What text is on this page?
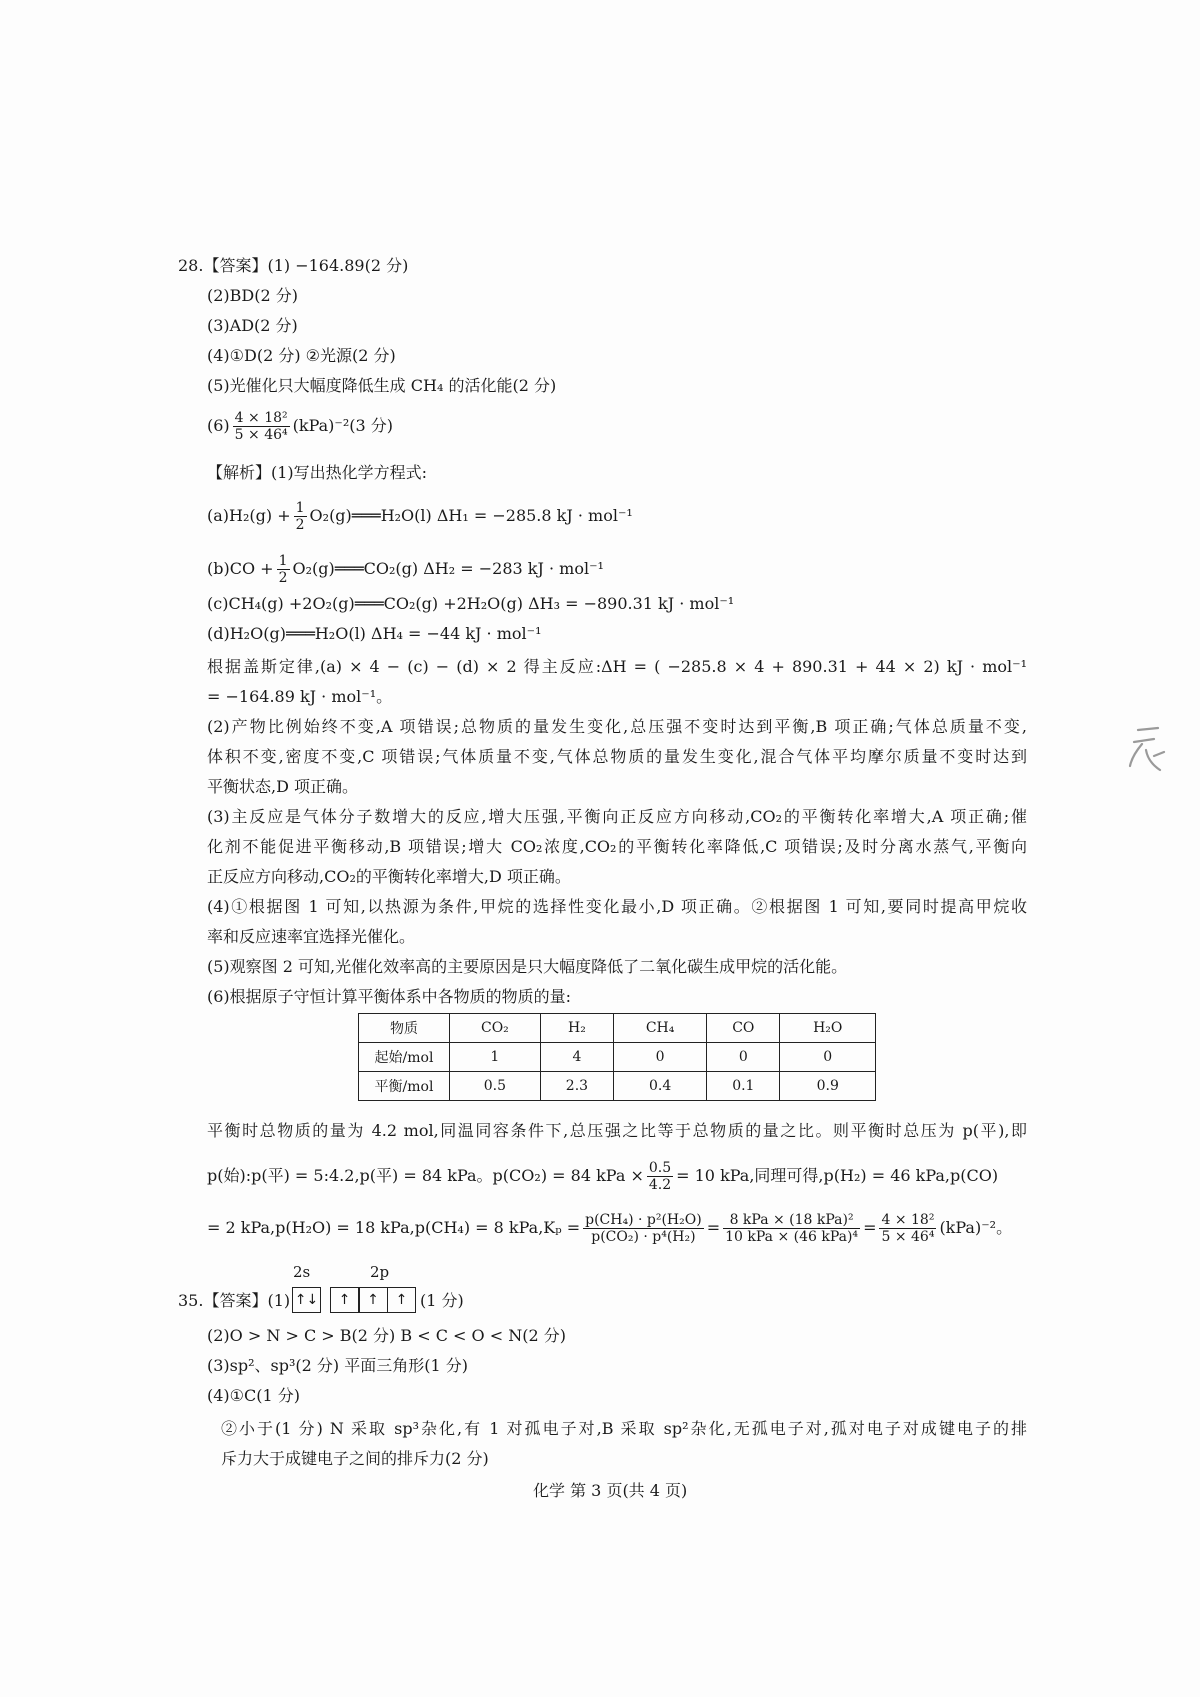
28.【答案】(1) −164.89(2 分)
(2)BD(2 分)
(3)AD(2 分)
(4)①D(2 分) ②光源(2 分)
(5)光催化只大幅度降低生成 CH₄ 的活化能(2 分)
$(6) \frac{\text{4 × 18²}}{\text{5 × 46⁴}} (kPa)^{-2}(3$ 分)
【解析】(1)写出热化学方程式:
$(a)H_2(g) + \frac{1}{2}$ O₂(g)═══H₂O(l) ΔH₁ = −285.8 kJ · mol⁻¹
$(b)CO + \frac{1}{2}$ O₂(g)═══CO₂(g) ΔH₂ = −283 kJ · mol⁻¹
(c)CH₄(g) +2O₂(g)═══CO₂(g) +2H₂O(g) ΔH₃ = −890.31 kJ · mol⁻¹
(d)H₂O(g)═══H₂O(l) ΔH₄ = −44 kJ · mol⁻¹
根据盖斯定律,(a) × 4 − (c) − (d) × 2 得主反应:ΔH = ( −285.8 × 4 + 890.31 + 44 × 2) kJ · mol⁻¹
= −164.89 kJ · mol⁻¹。
(2)产物比例始终不变,A 项错误;总物质的量发生变化,总压强不变时达到平衡,B 项正确;气体总质量不变,
体积不变,密度不变,C 项错误;气体质量不变,气体总物质的量发生变化,混合气体平均摩尔质量不变时达到
平衡状态,D 项正确。
(3)主反应是气体分子数增大的反应,增大压强,平衡向正反应方向移动,CO₂的平衡转化率增大,A 项正确;催
化剂不能促进平衡移动,B 项错误;增大 CO₂浓度,CO₂的平衡转化率降低,C 项错误;及时分离水蒸气,平衡向
正反应方向移动,CO₂的平衡转化率增大,D 项正确。
(4)①根据图 1 可知,以热源为条件,甲烷的选择性变化最小,D 项正确。②根据图 1 可知,要同时提高甲烷收
率和反应速率宜选择光催化。
(5)观察图 2 可知,光催化效率高的主要原因是只大幅度降低了二氧化碳生成甲烷的活化能。
(6)根据原子守恒计算平衡体系中各物质的物质的量:
物质	CO₂	H₂	CH₄	CO	H₂O
起始/mol	1	4	0	0	0
平衡/mol	0.5	2.3	0.4	0.1	0.9
平衡时总物质的量为 4.2 mol,同温同容条件下,总压强之比等于总物质的量之比。则平衡时总压为 p(平),即
p(始):p(平) = 5:4.2,p(平) = 84 kPa。p(CO₂) = 84 kPa × $\frac{0.5}{4.2} = 10$ kPa,同理可得,p(H₂) = 46 kPa,p(CO)
= 2 kPa,p(H₂O) = 18 kPa,p(CH₄) = 8 $kPa,K_p = \frac{\text{p(CH₄) · p²(H₂O)}}{\text{p(CO₂) · p⁴(H₂)}} = \frac{\text{8 kPa × (18 kPa)²}}{\text{10 kPa × (46 kPa)⁴}} = \frac{\text{4 × 18²}}{\text{5 × 46⁴}} (kPa)^{-2}$。
35.【答案】(1)
2s	2p
↑↓	↑	↑	↑ (1 分)
(2)O > N > C > B(2 分) B < C < O < N(2 分)
(3)sp²、sp³(2 分) 平面三角形(1 分)
(4)①C(1 分)
②小于(1 分) N 采取 sp³杂化,有 1 对孤电子对,B 采取 sp²杂化,无孤电子对,孤对电子对成键电子的排
斥力大于成键电子之间的排斥力(2 分)
化学 第 3 页(共 4 页)
